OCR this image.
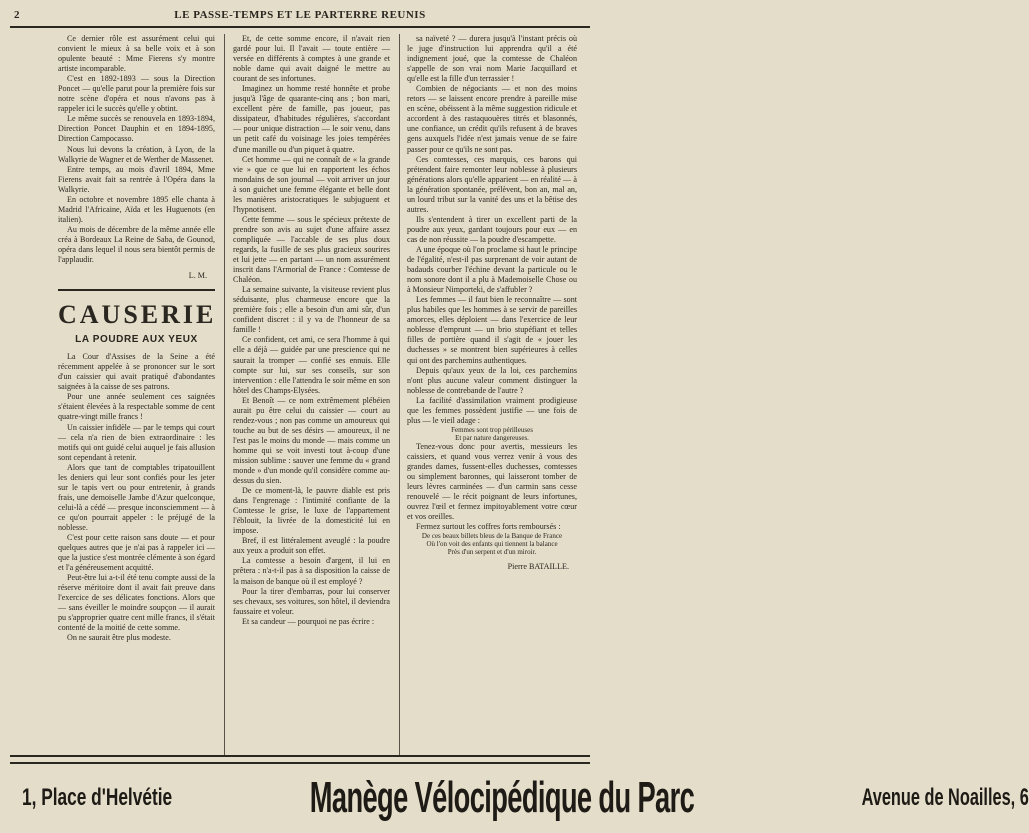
2	LE PASSE-TEMPS ET LE PARTERRE REUNIS

Ce dernier rôle est assurément celui qui convient le mieux à sa belle voix et à son opulente beauté : Mme Fierens s'y montre artiste incomparable.

C'est en 1892-1893 — sous la Direction Poncet — qu'elle parut pour la première fois sur notre scène d'opéra et nous n'avons pas à rappeler ici le succès qu'elle y obtint.

Le même succès se renouvela en 1893-1894, Direction Poncet Dauphin et en 1894-1895, Direction Campocasso.

Nous lui devons la création, à Lyon, de la Walkyrie de Wagner et de Werther de Massenet.

Entre temps, au mois d'avril 1894, Mme Fierens avait fait sa rentrée à l'Opéra dans la Walkyrie.

En octobre et novembre 1895 elle chanta à Madrid l'Africaine, Aïda et les Huguenots (en italien).

Au mois de décembre de la même année elle créa à Bordeaux La Reine de Saba, de Gounod, opéra dans lequel il nous sera bientôt permis de l'applaudir.

L. M.

CAUSERIE
LA POUDRE AUX YEUX

La Cour d'Assises de la Seine a été récemment appelée à se prononcer sur le sort d'un caissier qui avait pratiqué d'abondantes saignées à la caisse de ses patrons.

Pour une année seulement ces saignées s'étaient élevées à la respectable somme de cent quatre-vingt mille francs !

Un caissier infidèle — par le temps qui court — cela n'a rien de bien extraordinaire : les motifs qui ont guidé celui auquel je fais allusion sont cependant à retenir.

Alors que tant de comptables tripatouillent les deniers qui leur sont confiés pour les jeter sur le tapis vert ou pour entretenir, à grands frais, une demoiselle Jambe d'Azur quelconque, celui-là a cédé — presque inconsciemment — à ce qu'on pourrait appeler : le préjugé de la noblesse.

C'est pour cette raison sans doute — et pour quelques autres que je n'ai pas à rappeler ici — que la justice s'est montrée clémente à son égard et l'a généreusement acquitté.

Peut-être lui a-t-il été tenu compte aussi de la réserve méritoire dont il avait fait preuve dans l'exercice de ses délicates fonctions. Alors que — sans éveiller le moindre soupçon — il aurait pu s'approprier quatre cent mille francs, il s'était contenté de la moitié de cette somme.

On ne saurait être plus modeste.

Et, de cette somme encore, il n'avait rien gardé pour lui. Il l'avait — toute entière — versée en différents à comptes à une grande et noble dame qui avait daigné le mettre au courant de ses infortunes.

Imaginez un homme resté honnête et probe jusqu'à l'âge de quarante-cinq ans ; bon mari, excellent père de famille, pas joueur, pas dissipateur, d'habitudes régulières, s'accordant — pour unique distraction — le soir venu, dans un petit café du voisinage les joies tempérées d'une manille ou d'un piquet à quatre.

Cet homme — qui ne connaît de « la grande vie » que ce que lui en rapportent les échos mondains de son journal — voit arriver un jour à son guichet une femme élégante et belle dont les manières aristocratiques le subjuguent et l'hypnotisent.

Cette femme — sous le spécieux prétexte de prendre son avis au sujet d'une affaire assez compliquée — l'accable de ses plus doux regards, la fusille de ses plus gracieux sourires et lui jette — en partant — un nom assurément inscrit dans l'Armorial de France : Comtesse de Chaléon.

La semaine suivante, la visiteuse revient plus séduisante, plus charmeuse encore que la première fois ; elle a besoin d'un ami sûr, d'un confident discret : il y va de l'honneur de sa famille !

Ce confident, cet ami, ce sera l'homme à qui elle a déjà — guidée par une prescience qui ne saurait la tromper — confié ses ennuis. Elle compte sur lui, sur ses conseils, sur son intervention : elle l'attendra le soir même en son hôtel des Champs-Elysées.

Et Benoît — ce nom extrêmement plébéien aurait pu être celui du caissier — court au rendez-vous ; non pas comme un amoureux qui touche au but de ses désirs — amoureux, il ne l'est pas le moins du monde — mais comme un homme qui se voit investi tout à-coup d'une mission sublime : sauver une femme du « grand monde » d'un monde qu'il considère comme au-dessus du sien.

De ce moment-là, le pauvre diable est pris dans l'engrenage : l'intimité confiante de la Comtesse le grise, le luxe de l'appartement l'éblouit, la livrée de la domesticité lui en impose.

Bref, il est littéralement aveuglé : la poudre aux yeux a produit son effet.

La comtesse a besoin d'argent, il lui en prêtera : n'a-t-il pas à sa disposition la caisse de la maison de banque où il est employé ?

Pour la tirer d'embarras, pour lui conserver ses chevaux, ses voitures, son hôtel, il deviendra faussaire et voleur.

Et sa candeur — pourquoi ne pas écrire :

sa naïveté ? — durera jusqu'à l'instant précis où le juge d'instruction lui apprendra qu'il a été indignement joué, que la comtesse de Chaléon s'appelle de son vrai nom Marie Jacquillard et qu'elle est la fille d'un terrassier !

Combien de négociants — et non des moins retors — se laissent encore prendre à pareille mise en scène, obéissent à la même suggestion ridicule et accordent à des rastaquouères titrés et blasonnés, une confiance, un crédit qu'ils refusent à de braves gens auxquels l'idée n'est jamais venue de se faire passer pour ce qu'ils ne sont pas.

Ces comtesses, ces marquis, ces barons qui prétendent faire remonter leur noblesse à plusieurs générations alors qu'elle apparient — en réalité — à la génération spontanée, prélèvent, bon an, mal an, un lourd tribut sur la vanité des uns et la bêtise des autres.

Ils s'entendent à tirer un excellent parti de la poudre aux yeux, gardant toujours pour eux — en cas de non réussite — la poudre d'escampette.

A une époque où l'on proclame si haut le principe de l'égalité, n'est-il pas surprenant de voir autant de badauds courber l'échine devant la particule ou le nom sonore dont il a plu à Mademoiselle Chose ou à Monsieur Nimporteki, de s'affubler ?

Les femmes — il faut bien le reconnaître — sont plus habiles que les hommes à se servir de pareilles amorces, elles déploient — dans l'exercice de leur noblesse d'emprunt — un brio stupéfiant et telles filles de portière quand il s'agit de « jouer les duchesses » se montrent bien supérieures à celles qui ont des parchemins authentiques.

Depuis qu'aux yeux de la loi, ces parchemins n'ont plus aucune valeur comment distinguer la noblesse de contrebande de l'autre ?

La facilité d'assimilation vraiment prodigieuse que les femmes possèdent justifie — une fois de plus — le vieil adage :

Femmes sont trop périlleuses

Et par nature dangereuses.

Tenez-vous donc pour avertis, messieurs les caissiers, et quand vous verrez venir à vous des grandes dames, fussent-elles duchesses, comtesses ou simplement baronnes, qui laisseront tomber de leurs lèvres carminées — d'un carmin sans cesse renouvelé — le récit poignant de leurs infortunes, ouvrez l'œil et fermez impitoyablement votre cœur et vos oreilles.

Fermez surtout les coffres forts remboursés :

De ces beaux billets bleus de la Banque de France

Où l'on voit des enfants qui tiennent la balance

Près d'un serpent et d'un miroir.

Pierre BATAILLE.

1, Place d'Helvétie	Manège Vélocipédique du Parc	Avenue de Noailles, 6
